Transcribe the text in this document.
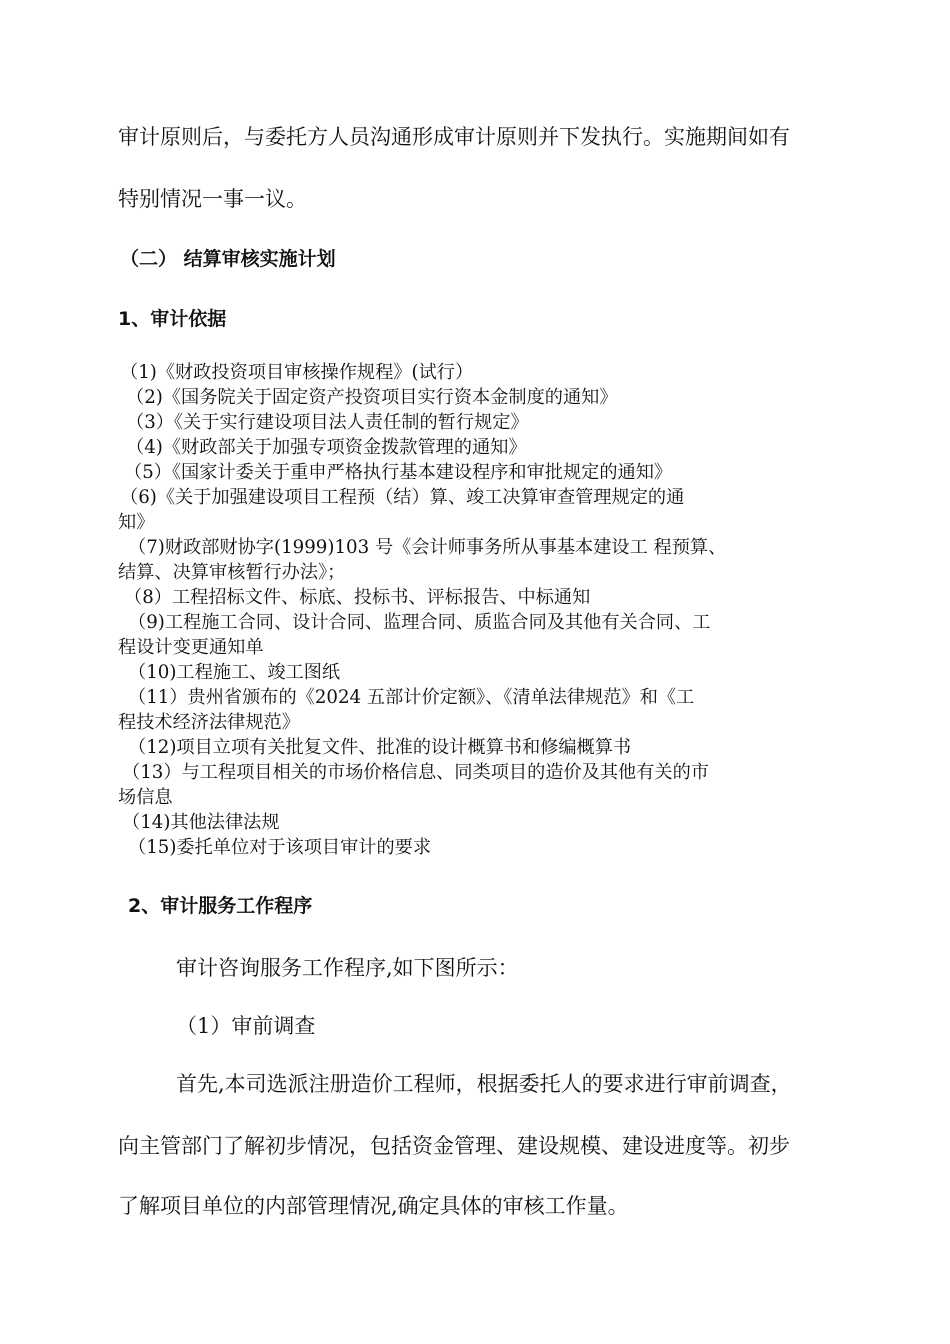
审计原则后，与委托方人员沟通形成审计原则并下发执行。实施期间如有
特别情况一事一议。
（二） 结算审核实施计划
1、审计依据
（1)《财政投资项目审核操作规程》(试行）
（2)《国务院关于固定资产投资项目实行资本金制度的通知》
（3）《关于实行建设项目法人责任制的暂行规定》
（4)《财政部关于加强专项资金拨款管理的通知》
（5）《国家计委关于重申严格执行基本建设程序和审批规定的通知》
（6)《关于加强建设项目工程预（结）算、竣工决算审查管理规定的通
知》
（7)财政部财协字(1999)103 号《会计师事务所从事基本建设工 程预算、
结算、决算审核暂行办法》；
（8）工程招标文件、标底、投标书、评标报告、中标通知
（9)工程施工合同、设计合同、监理合同、质监合同及其他有关合同、工
程设计变更通知单
（10)工程施工、竣工图纸
（11）贵州省颁布的《2024 五部计价定额》、《清单法律规范》和《工
程技术经济法律规范》
（12)项目立项有关批复文件、批准的设计概算书和修编概算书
（13）与工程项目相关的市场价格信息、同类项目的造价及其他有关的市
场信息
（14)其他法律法规
（15)委托单位对于该项目审计的要求
2、审计服务工作程序
审计咨询服务工作程序,如下图所示：
（1）审前调查
首先,本司选派注册造价工程师，根据委托人的要求进行审前调查，
向主管部门了解初步情况，包括资金管理、建设规模、建设进度等。初步
了解项目单位的内部管理情况,确定具体的审核工作量。
